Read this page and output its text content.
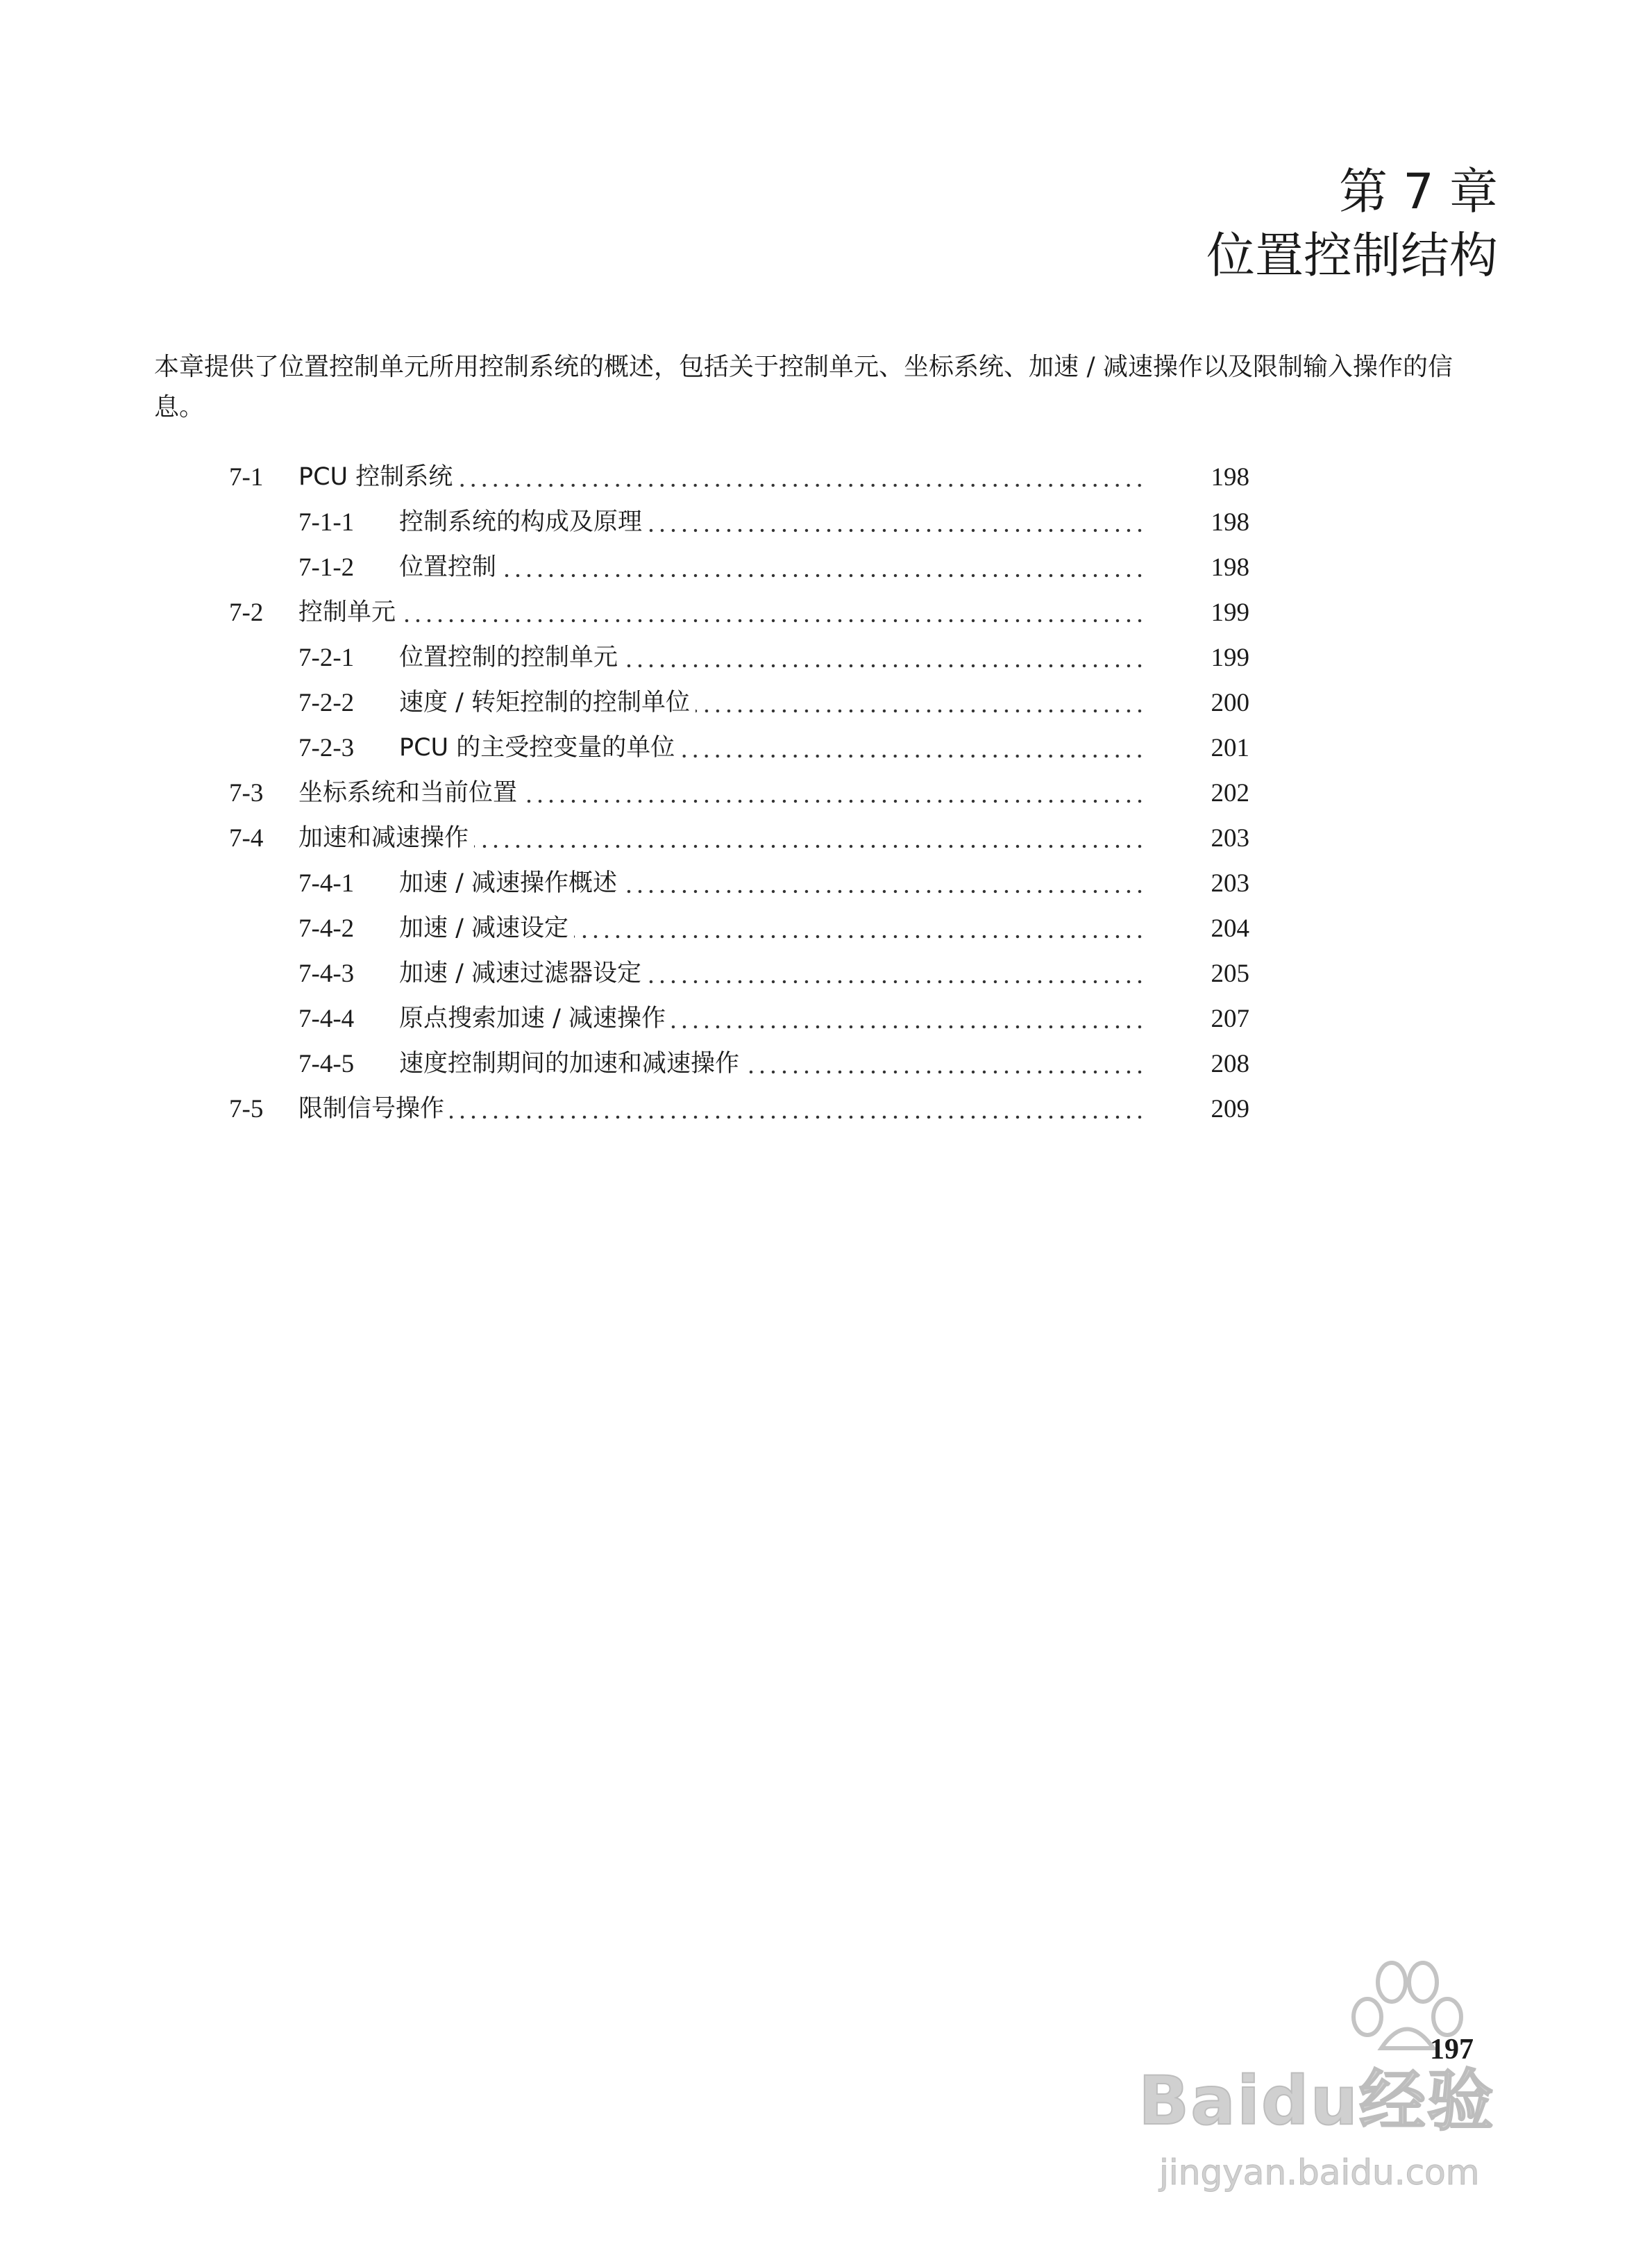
第 7 章
位置控制结构

本章提供了位置控制单元所用控制系统的概述，包括关于控制单元、坐标系统、加速 / 减速操作以及限制输入操作的信息。

7-1 PCU 控制系统	198
7-1-1 控制系统的构成及原理	198
7-1-2 位置控制	198
7-2 控制单元	199
7-2-1 位置控制的控制单元	199
7-2-2 速度 / 转矩控制的控制单位	200
7-2-3 PCU 的主受控变量的单位	201
7-3 坐标系统和当前位置	202
7-4 加速和减速操作	203
7-4-1 加速 / 减速操作概述	203
7-4-2 加速 / 减速设定	204
7-4-3 加速 / 减速过滤器设定	205
7-4-4 原点搜索加速 / 减速操作	207
7-4-5 速度控制期间的加速和减速操作	208
7-5 限制信号操作	209
Baidu经验
jingyan.baidu.com
197
